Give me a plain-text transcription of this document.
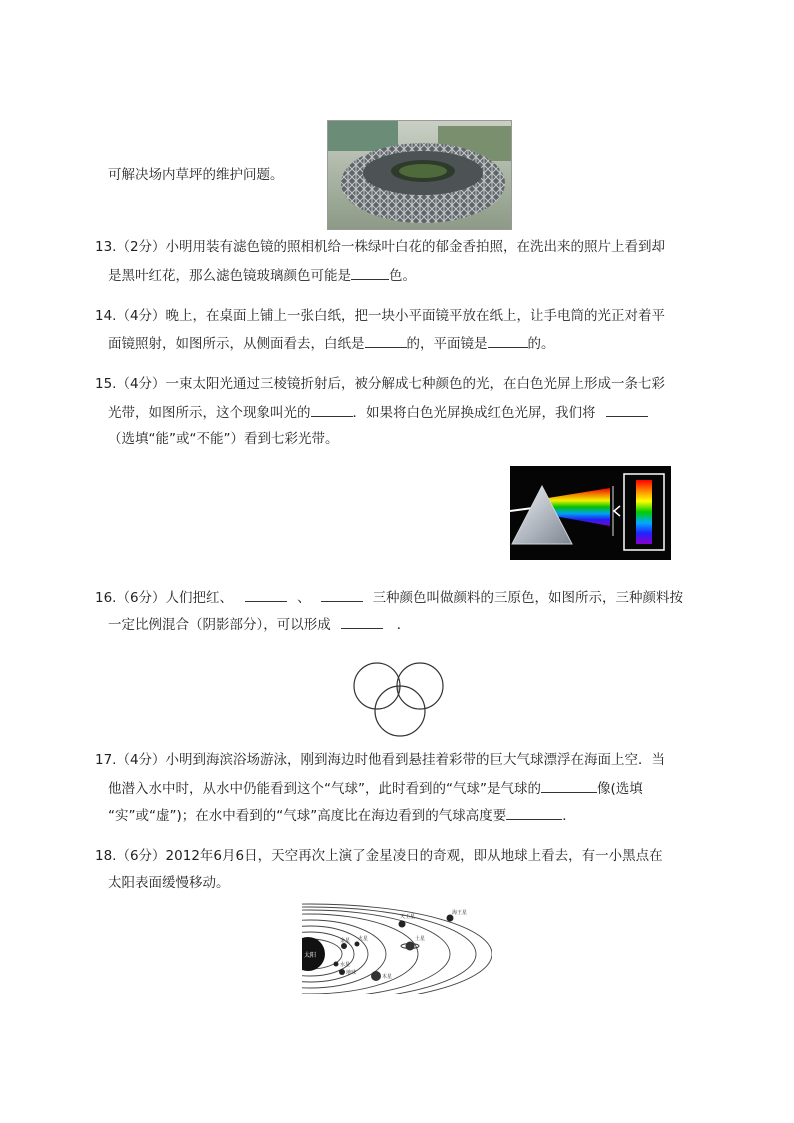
可解决场内草坪的维护问题。
13.（2分）小明用装有滤色镜的照相机给一株绿叶白花的郁金香拍照，在洗出来的照片上看到却
是黑叶红花，那么滤色镜玻璃颜色可能是	色。
14.（4分）晚上，在桌面上铺上一张白纸，把一块小平面镜平放在纸上，让手电筒的光正对着平
面镜照射，如图所示，从侧面看去，白纸是	的，平面镜是	的。
15.（4分）一束太阳光通过三棱镜折射后，被分解成七种颜色的光，在白色光屏上形成一条七彩
光带，如图所示，这个现象叫光的	．如果将白色光屏换成红色光屏，我们将
（选填“能”或“不能”）看到七彩光带。
16.（6分）人们把红、	、	三种颜色叫做颜料的三原色，如图所示，三种颜料按
一定比例混合（阴影部分），可以形成	．
17.（4分）小明到海滨浴场游泳，刚到海边时他看到悬挂着彩带的巨大气球漂浮在海面上空．当
他潜入水中时，从水中仍能看到这个“气球”，此时看到的“气球”是气球的	像(选填
“实”或“虚”)；在水中看到的“气球”高度比在海边看到的气球高度要	．
18.（6分）2012年6月6日，天空再次上演了金星凌日的奇观，即从地球上看去，有一小黑点在
太阳表面缓慢移动。
太阳
水星
金星
地球
火星
木星
土星
天王星
海王星
